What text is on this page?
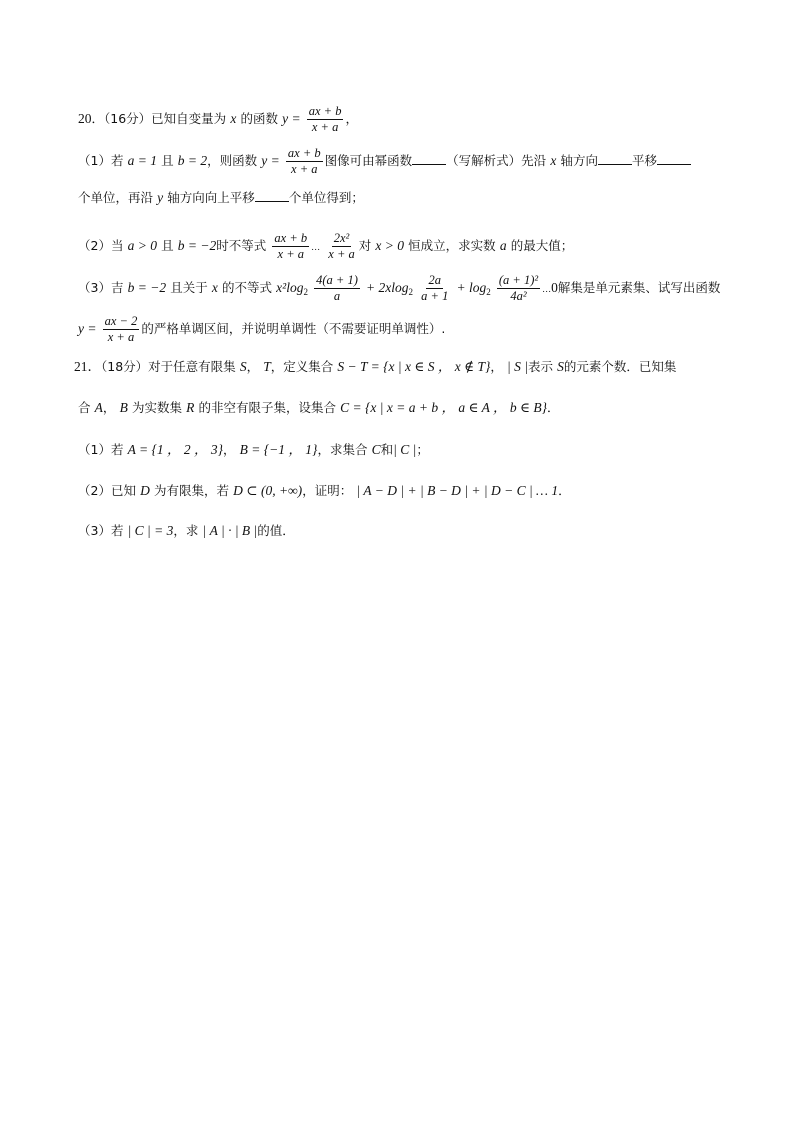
20．（16分）已知自变量为 x 的函数 $y = \frac{ax + b}{x + a}$ ，
（1）若 a = 1 且 b = 2，则函数 $y = \frac{ax + b}{x + a}$ 图像可由幂函数	（写解析式）先沿 x 轴方向	平移
个单位，再沿 y 轴方向向上平移	个单位得到；
（2）当 a > 0 且 b = −2时不等式 $\frac{ax + b}{x + a}$ … $\frac{\text{2x²}}{x + a}$ 对 x > 0 恒成立，求实数 a 的最大值；
（3）吉 b = −2 且关于 x 的不等式 $x^2\log_2 \frac{4(a + 1)}{a} + 2xlog_2 \frac{2a}{a + 1} + \log_2 \frac{\text{(a + 1)²}}{\text{4a²}}$ …0解集是单元素集、试写出函数
$y = \frac{ax - 2}{x + a}$ 的严格单调区间，并说明单调性（不需要证明单调性）.
21．（18分）对于任意有限集 S， T，定义集合 S − T = {x | x ∈ S ， x ∉ T}， | S |表示 S的元素个数．已知集
合 A， B 为实数集 R 的非空有限子集，设集合 C = {x | x = a + b ， a ∈ A ， b ∈ B}．
（1）若 A = {1 ， 2 ， 3}， B = {−1 ， 1}，求集合 C和| C |；
（2）已知 D 为有限集，若 D ⊂ (0, +∞)，证明： | A − D | + | B − D | + | D − C | … 1．
（3）若 | C | = 3，求 | A | · | B |的值．
